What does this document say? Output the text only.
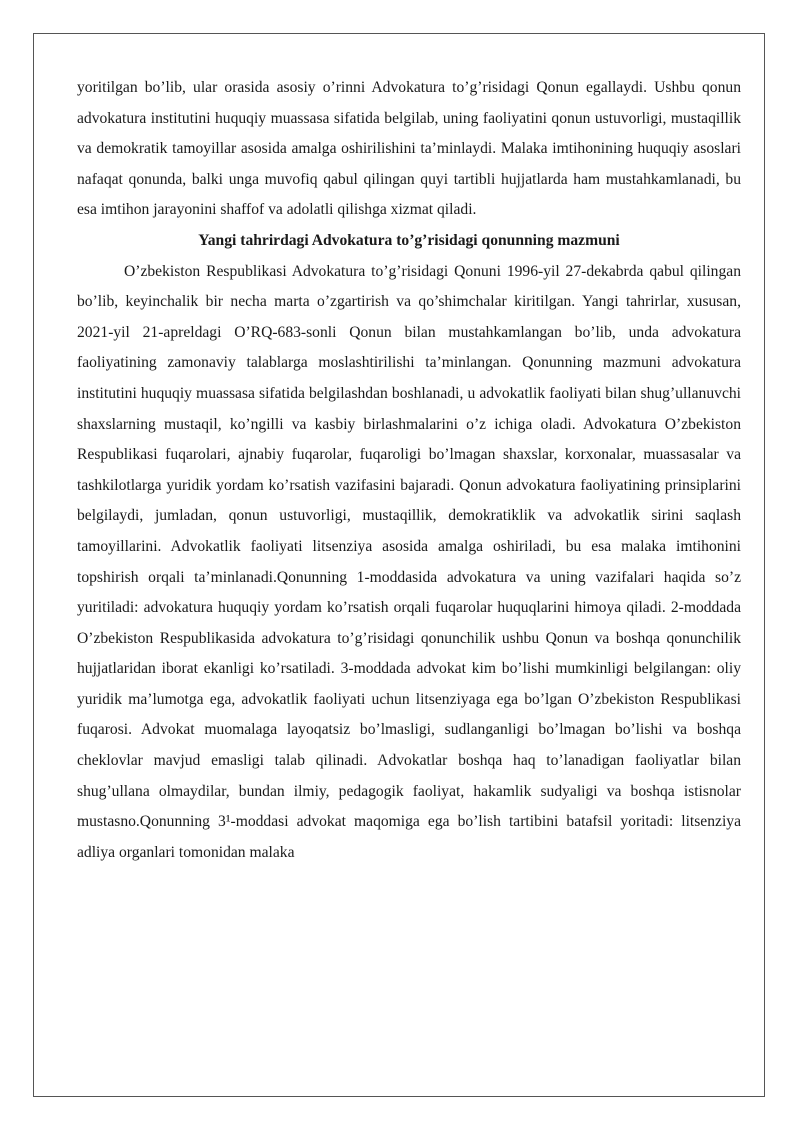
yoritilgan bo’lib, ular orasida asosiy o’rinni Advokatura to’g’risidagi Qonun egallaydi. Ushbu qonun advokatura institutini huquqiy muassasa sifatida belgilab, uning faoliyatini qonun ustuvorligi, mustaqillik va demokratik tamoyillar asosida amalga oshirilishini ta’minlaydi. Malaka imtihonining huquqiy asoslari nafaqat qonunda, balki unga muvofiq qabul qilingan quyi tartibli hujjatlarda ham mustahkamlanadi, bu esa imtihon jarayonini shaffof va adolatli qilishga xizmat qiladi.

Yangi tahrirdagi Advokatura to’g’risidagi qonunning mazmuni

O’zbekiston Respublikasi Advokatura to’g’risidagi Qonuni 1996-yil 27-dekabrda qabul qilingan bo’lib, keyinchalik bir necha marta o’zgartirish va qo’shimchalar kiritilgan. Yangi tahrirlar, xususan, 2021-yil 21-apreldagi O’RQ-683-sonli Qonun bilan mustahkamlangan bo’lib, unda advokatura faoliyatining zamonaviy talablarga moslashtirilishi ta’minlangan. Qonunning mazmuni advokatura institutini huquqiy muassasa sifatida belgilashdan boshlanadi, u advokatlik faoliyati bilan shug’ullanuvchi shaxslarning mustaqil, ko’ngilli va kasbiy birlashmalarini o’z ichiga oladi. Advokatura O’zbekiston Respublikasi fuqarolari, ajnabiy fuqarolar, fuqaroligi bo’lmagan shaxslar, korxonalar, muassasalar va tashkilotlarga yuridik yordam ko’rsatish vazifasini bajaradi. Qonun advokatura faoliyatining prinsiplarini belgilaydi, jumladan, qonun ustuvorligi, mustaqillik, demokratiklik va advokatlik sirini saqlash tamoyillarini. Advokatlik faoliyati litsenziya asosida amalga oshiriladi, bu esa malaka imtihonini topshirish orqali ta’minlanadi.Qonunning 1-moddasida advokatura va uning vazifalari haqida so’z yuritiladi: advokatura huquqiy yordam ko’rsatish orqali fuqarolar huquqlarini himoya qiladi. 2-moddada O’zbekiston Respublikasida advokatura to’g’risidagi qonunchilik ushbu Qonun va boshqa qonunchilik hujjatlaridan iborat ekanligi ko’rsatiladi. 3-moddada advokat kim bo’lishi mumkinligi belgilangan: oliy yuridik ma’lumotga ega, advokatlik faoliyati uchun litsenziyaga ega bo’lgan O’zbekiston Respublikasi fuqarosi. Advokat muomalaga layoqatsiz bo’lmasligi, sudlanganligi bo’lmagan bo’lishi va boshqa cheklovlar mavjud emasligi talab qilinadi. Advokatlar boshqa haq to’lanadigan faoliyatlar bilan shug’ullana olmaydilar, bundan ilmiy, pedagogik faoliyat, hakamlik sudyaligi va boshqa istisnolar mustasno.Qonunning 3¹-moddasi advokat maqomiga ega bo’lish tartibini batafsil yoritadi: litsenziya adliya organlari tomonidan malaka
